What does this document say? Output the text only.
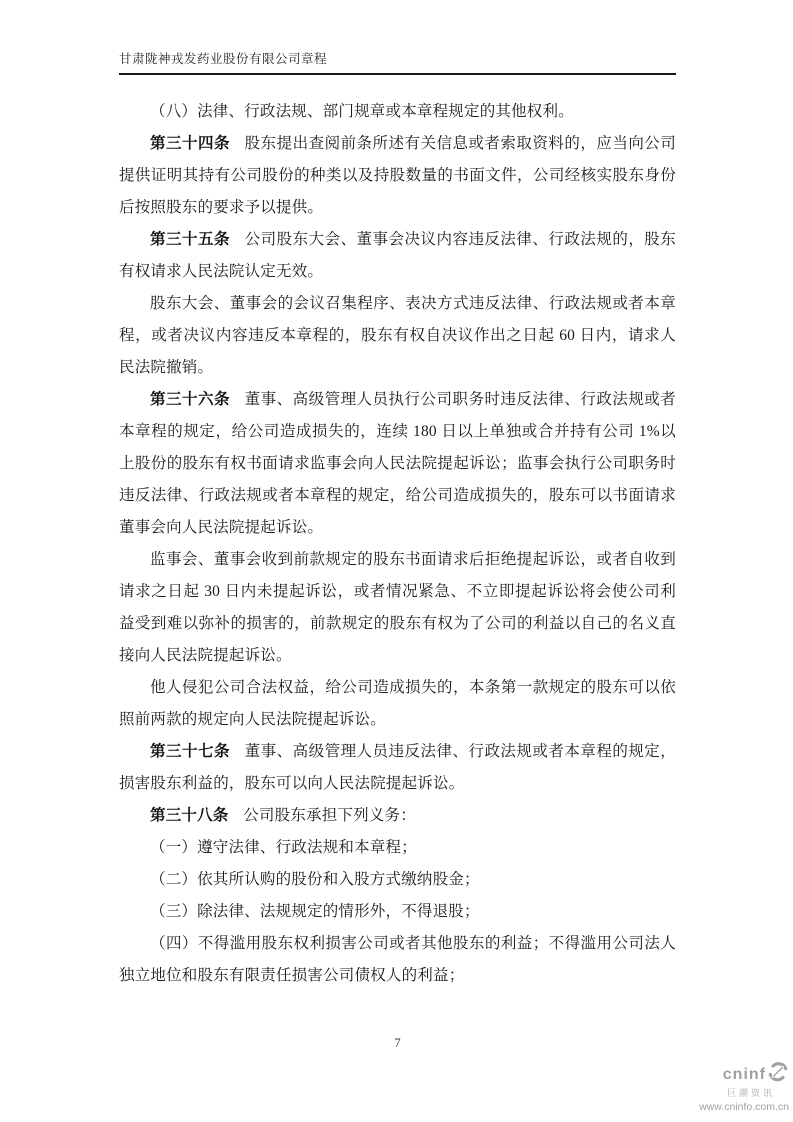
甘肃陇神戎发药业股份有限公司章程

（八）法律、行政法规、部门规章或本章程规定的其他权利。

第三十四条 股东提出查阅前条所述有关信息或者索取资料的，应当向公司提供证明其持有公司股份的种类以及持股数量的书面文件，公司经核实股东身份后按照股东的要求予以提供。

第三十五条 公司股东大会、董事会决议内容违反法律、行政法规的，股东有权请求人民法院认定无效。

股东大会、董事会的会议召集程序、表决方式违反法律、行政法规或者本章程，或者决议内容违反本章程的，股东有权自决议作出之日起 60 日内，请求人民法院撤销。

第三十六条 董事、高级管理人员执行公司职务时违反法律、行政法规或者本章程的规定，给公司造成损失的，连续 180 日以上单独或合并持有公司 1%以上股份的股东有权书面请求监事会向人民法院提起诉讼；监事会执行公司职务时违反法律、行政法规或者本章程的规定，给公司造成损失的，股东可以书面请求董事会向人民法院提起诉讼。

监事会、董事会收到前款规定的股东书面请求后拒绝提起诉讼，或者自收到请求之日起 30 日内未提起诉讼，或者情况紧急、不立即提起诉讼将会使公司利益受到难以弥补的损害的，前款规定的股东有权为了公司的利益以自己的名义直接向人民法院提起诉讼。

他人侵犯公司合法权益，给公司造成损失的，本条第一款规定的股东可以依照前两款的规定向人民法院提起诉讼。

第三十七条 董事、高级管理人员违反法律、行政法规或者本章程的规定，损害股东利益的，股东可以向人民法院提起诉讼。

第三十八条 公司股东承担下列义务：

（一）遵守法律、行政法规和本章程；

（二）依其所认购的股份和入股方式缴纳股金；

（三）除法律、法规规定的情形外，不得退股；

（四）不得滥用股东权利损害公司或者其他股东的利益；不得滥用公司法人独立地位和股东有限责任损害公司债权人的利益；

7
cninf
巨潮资讯
www.cninfo.com.cn
